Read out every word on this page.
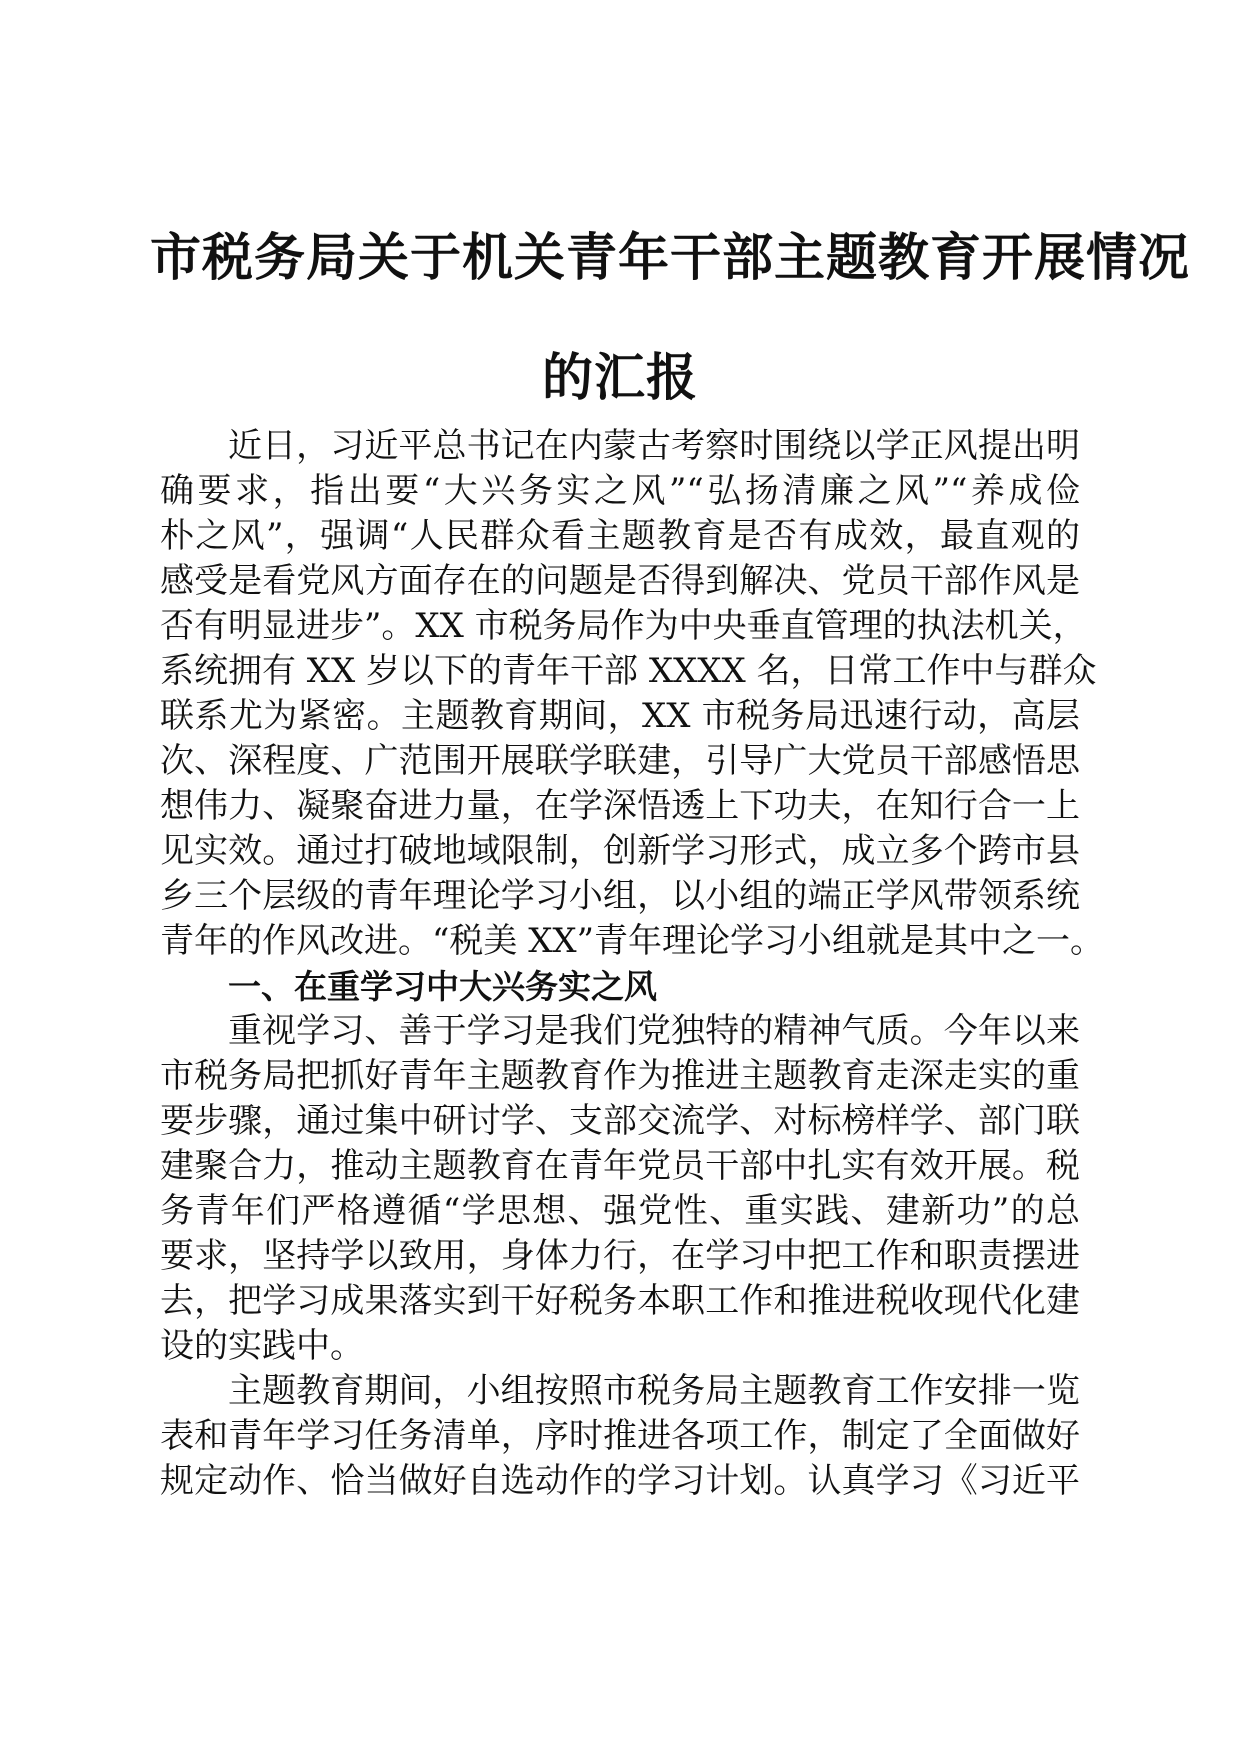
市税务局关于机关青年干部主题教育开展情况
的汇报
近日，习近平总书记在内蒙古考察时围绕以学正风提出明
确要求，指出要“大兴务实之风”“弘扬清廉之风”“养成俭
朴之风”，强调“人民群众看主题教育是否有成效，最直观的
感受是看党风方面存在的问题是否得到解决、党员干部作风是
否有明显进步”。XX 市税务局作为中央垂直管理的执法机关，
系统拥有 XX 岁以下的青年干部 XXXX 名，日常工作中与群众
联系尤为紧密。主题教育期间，XX 市税务局迅速行动，高层
次、深程度、广范围开展联学联建，引导广大党员干部感悟思
想伟力、凝聚奋进力量，在学深悟透上下功夫，在知行合一上
见实效。通过打破地域限制，创新学习形式，成立多个跨市县
乡三个层级的青年理论学习小组，以小组的端正学风带领系统
青年的作风改进。“税美 XX”青年理论学习小组就是其中之一。
一、在重学习中大兴务实之风
重视学习、善于学习是我们党独特的精神气质。今年以来
市税务局把抓好青年主题教育作为推进主题教育走深走实的重
要步骤，通过集中研讨学、支部交流学、对标榜样学、部门联
建聚合力，推动主题教育在青年党员干部中扎实有效开展。税
务青年们严格遵循“学思想、强党性、重实践、建新功”的总
要求，坚持学以致用，身体力行，在学习中把工作和职责摆进
去，把学习成果落实到干好税务本职工作和推进税收现代化建
设的实践中。
主题教育期间，小组按照市税务局主题教育工作安排一览
表和青年学习任务清单，序时推进各项工作，制定了全面做好
规定动作、恰当做好自选动作的学习计划。认真学习《习近平
